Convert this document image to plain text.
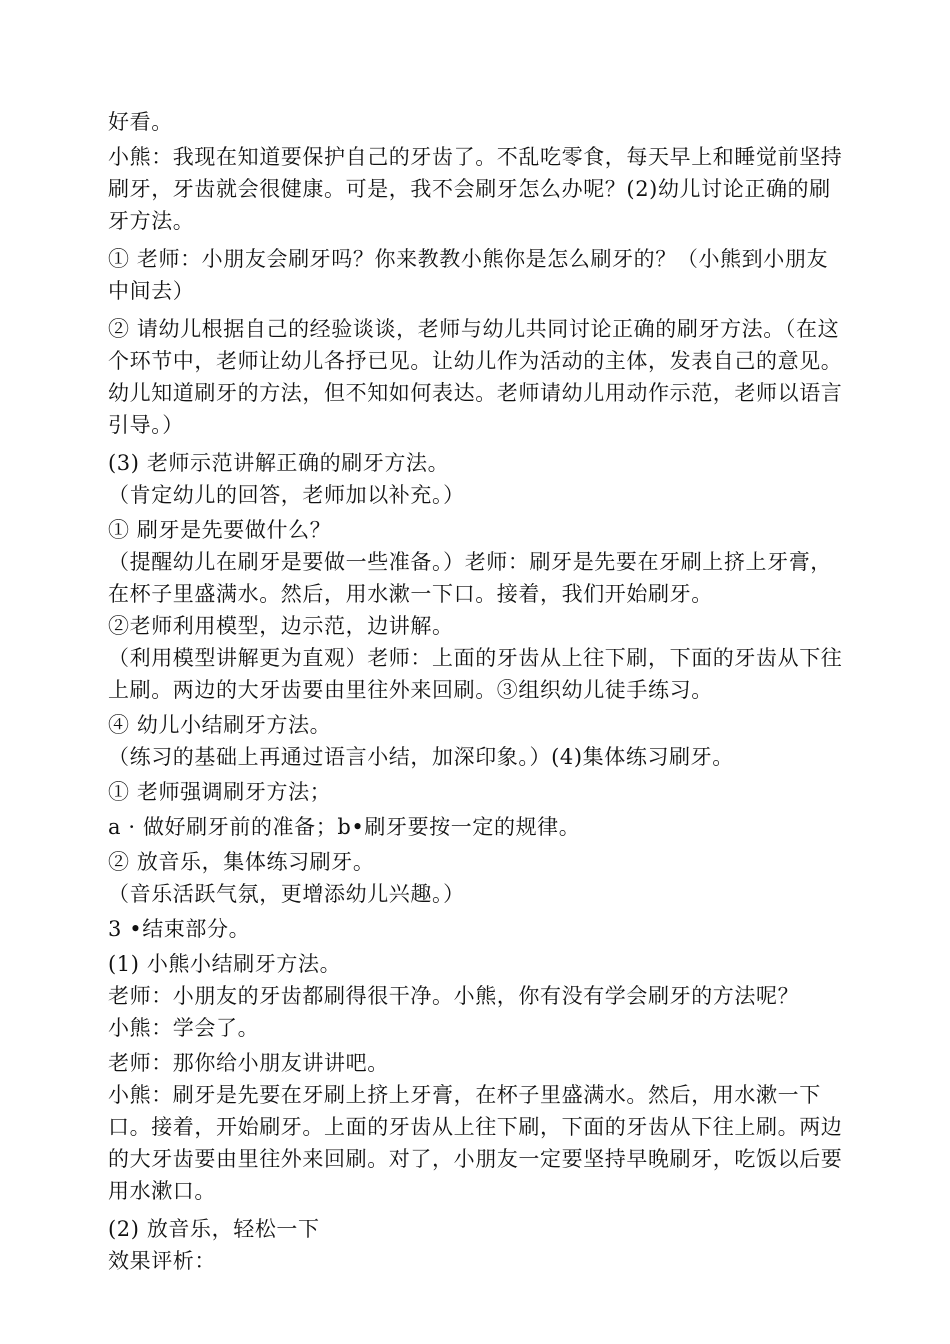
好看。

小熊：我现在知道要保护自己的牙齿了。不乱吃零食，每天早上和睡觉前坚持刷牙，牙齿就会很健康。可是，我不会刷牙怎么办呢？(2)幼儿讨论正确的刷牙方法。

① 老师：小朋友会刷牙吗？你来教教小熊你是怎么刷牙的？（小熊到小朋友中间去）

② 请幼儿根据自己的经验谈谈，老师与幼儿共同讨论正确的刷牙方法。（在这个环节中，老师让幼儿各抒已见。让幼儿作为活动的主体，发表自己的意见。幼儿知道刷牙的方法，但不知如何表达。老师请幼儿用动作示范，老师以语言引导。）

(3) 老师示范讲解正确的刷牙方法。

（肯定幼儿的回答，老师加以补充。）

① 刷牙是先要做什么？

（提醒幼儿在刷牙是要做一些准备。）老师：刷牙是先要在牙刷上挤上牙膏，在杯子里盛满水。然后，用水漱一下口。接着，我们开始刷牙。

②老师利用模型，边示范，边讲解。

（利用模型讲解更为直观）老师：上面的牙齿从上往下刷，下面的牙齿从下往上刷。两边的大牙齿要由里往外来回刷。③组织幼儿徒手练习。

④ 幼儿小结刷牙方法。

（练习的基础上再通过语言小结，加深印象。）(4)集体练习刷牙。

① 老师强调刷牙方法；

a · 做好刷牙前的准备；b•刷牙要按一定的规律。

② 放音乐，集体练习刷牙。

（音乐活跃气氛，更增添幼儿兴趣。）

3 •结束部分。

(1) 小熊小结刷牙方法。

老师：小朋友的牙齿都刷得很干净。小熊，你有没有学会刷牙的方法呢？

小熊：学会了。

老师：那你给小朋友讲讲吧。

小熊：刷牙是先要在牙刷上挤上牙膏，在杯子里盛满水。然后，用水漱一下口。接着，开始刷牙。上面的牙齿从上往下刷，下面的牙齿从下往上刷。两边的大牙齿要由里往外来回刷。对了，小朋友一定要坚持早晚刷牙，吃饭以后要用水漱口。

(2) 放音乐，轻松一下

效果评析：
